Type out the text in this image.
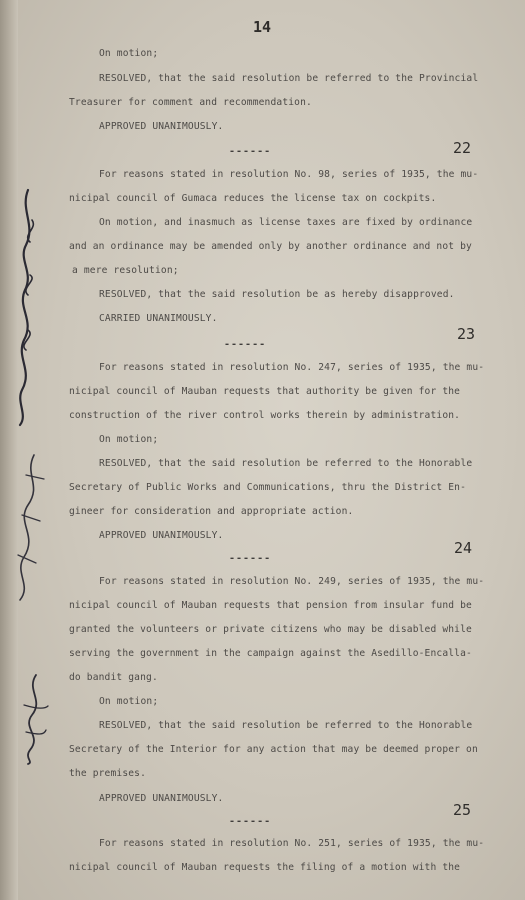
14
On motion;
RESOLVED, that the said resolution be referred to the Provincial
Treasurer for comment and recommendation.
APPROVED UNANIMOUSLY.
------	22
For reasons stated in resolution No. 98, series of 1935, the mu-
nicipal council of Gumaca reduces the license tax on cockpits.
On motion, and inasmuch as license taxes are fixed by ordinance
and an ordinance may be amended only by another ordinance and not by
a mere resolution;
RESOLVED, that the said resolution be as hereby disapproved.
CARRIED UNANIMOUSLY.
------
23
For reasons stated in resolution No. 247, series of 1935, the mu-
nicipal council of Mauban requests that authority be given for the
construction of the river control works therein by administration.
On motion;
RESOLVED, that the said resolution be referred to the Honorable
Secretary of Public Works and Communications, thru the District En-
gineer for consideration and appropriate action.
APPROVED UNANIMOUSLY.
------
24
For reasons stated in resolution No. 249, series of 1935, the mu-
nicipal council of Mauban requests that pension from insular fund be
granted the volunteers or private citizens who may be disabled while
serving the government in the campaign against the Asedillo-Encalla-
do bandit gang.
On motion;
RESOLVED, that the said resolution be referred to the Honorable
Secretary of the Interior for any action that may be deemed proper on
the premises.
APPROVED UNANIMOUSLY.
------
25
For reasons stated in resolution No. 251, series of 1935, the mu-
nicipal council of Mauban requests the filing of a motion with the
